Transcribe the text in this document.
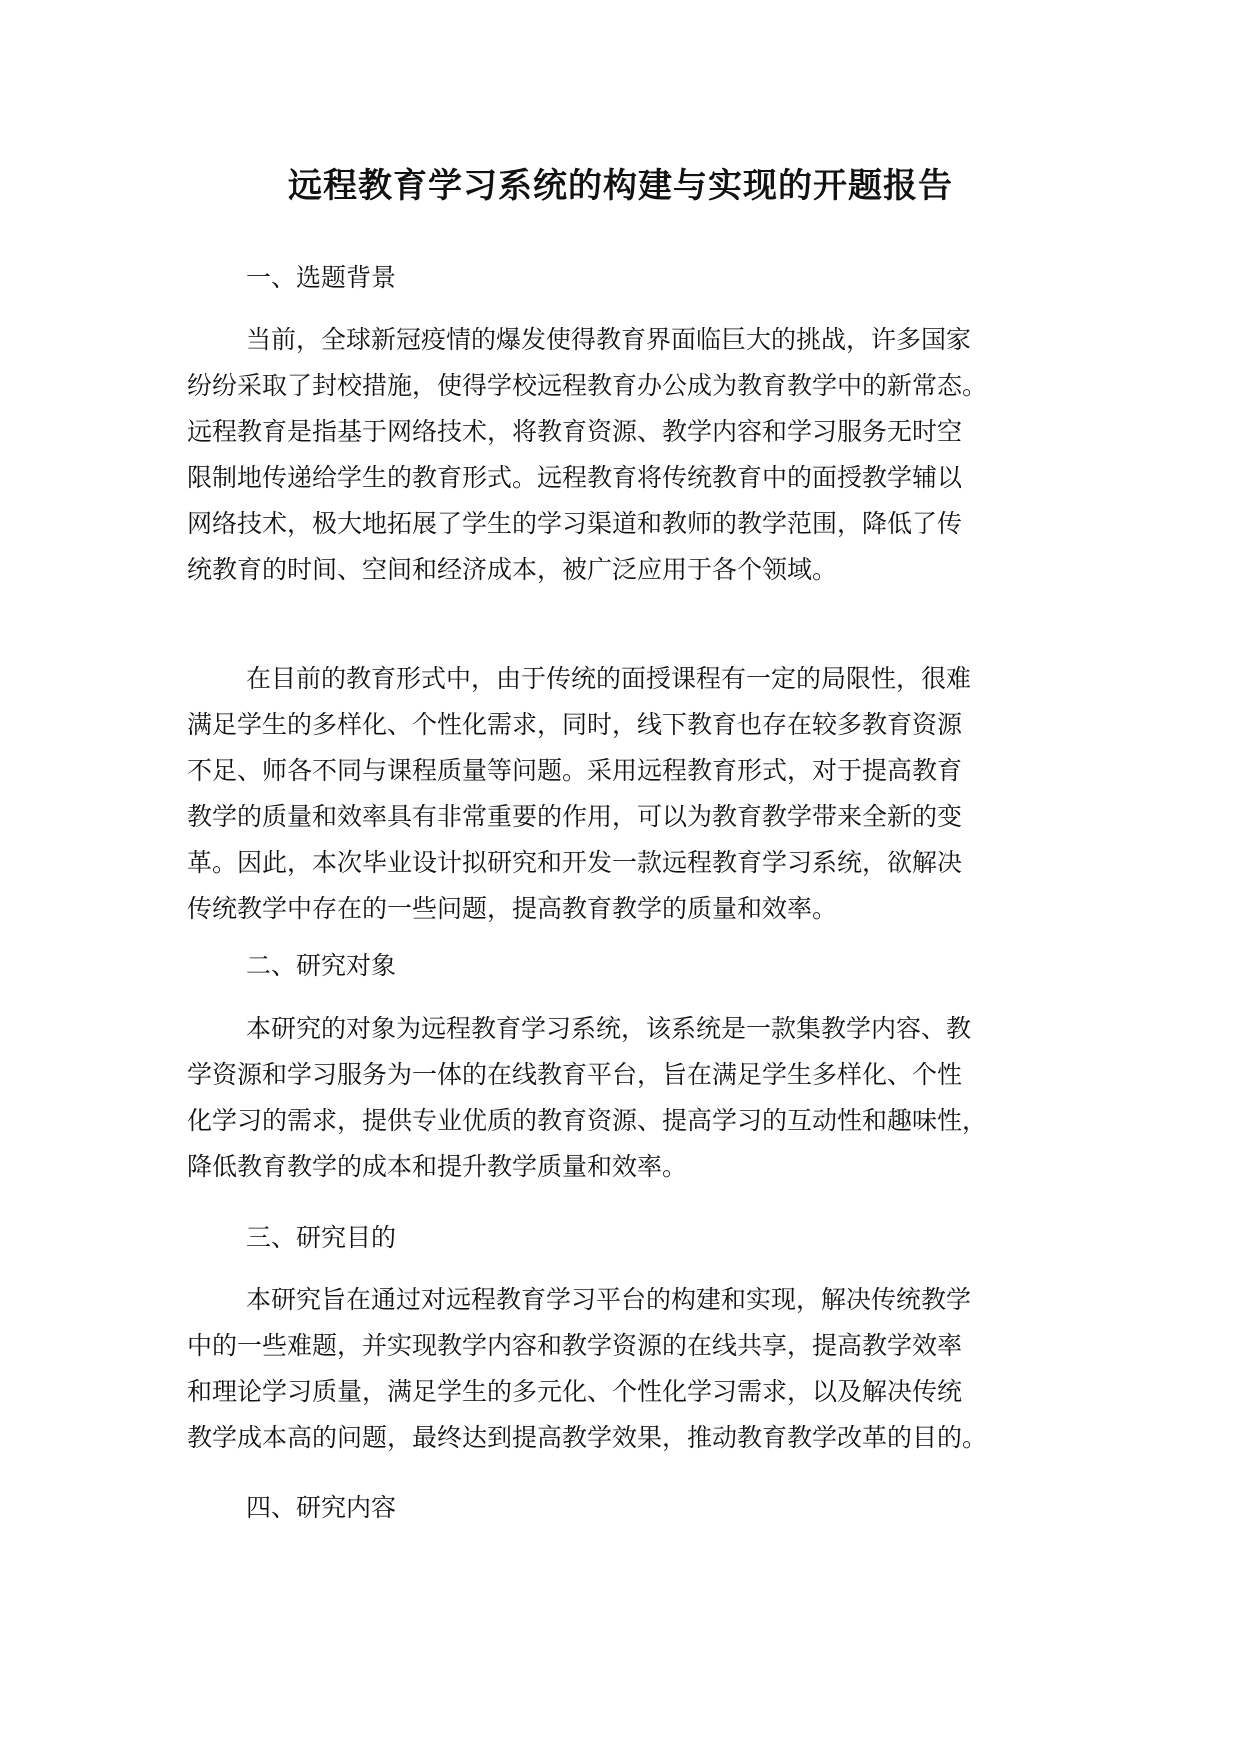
远程教育学习系统的构建与实现的开题报告
一、选题背景

当前，全球新冠疫情的爆发使得教育界面临巨大的挑战，许多国家
纷纷采取了封校措施，使得学校远程教育办公成为教育教学中的新常态。
远程教育是指基于网络技术，将教育资源、教学内容和学习服务无时空
限制地传递给学生的教育形式。远程教育将传统教育中的面授教学辅以
网络技术，极大地拓展了学生的学习渠道和教师的教学范围，降低了传
统教育的时间、空间和经济成本，被广泛应用于各个领域。

在目前的教育形式中，由于传统的面授课程有一定的局限性，很难
满足学生的多样化、个性化需求，同时，线下教育也存在较多教育资源
不足、师各不同与课程质量等问题。采用远程教育形式，对于提高教育
教学的质量和效率具有非常重要的作用，可以为教育教学带来全新的变
革。因此，本次毕业设计拟研究和开发一款远程教育学习系统，欲解决
传统教学中存在的一些问题，提高教育教学的质量和效率。

二、研究对象

本研究的对象为远程教育学习系统，该系统是一款集教学内容、教
学资源和学习服务为一体的在线教育平台，旨在满足学生多样化、个性
化学习的需求，提供专业优质的教育资源、提高学习的互动性和趣味性，
降低教育教学的成本和提升教学质量和效率。

三、研究目的

本研究旨在通过对远程教育学习平台的构建和实现，解决传统教学
中的一些难题，并实现教学内容和教学资源的在线共享，提高教学效率
和理论学习质量，满足学生的多元化、个性化学习需求，以及解决传统
教学成本高的问题，最终达到提高教学效果，推动教育教学改革的目的。

四、研究内容
